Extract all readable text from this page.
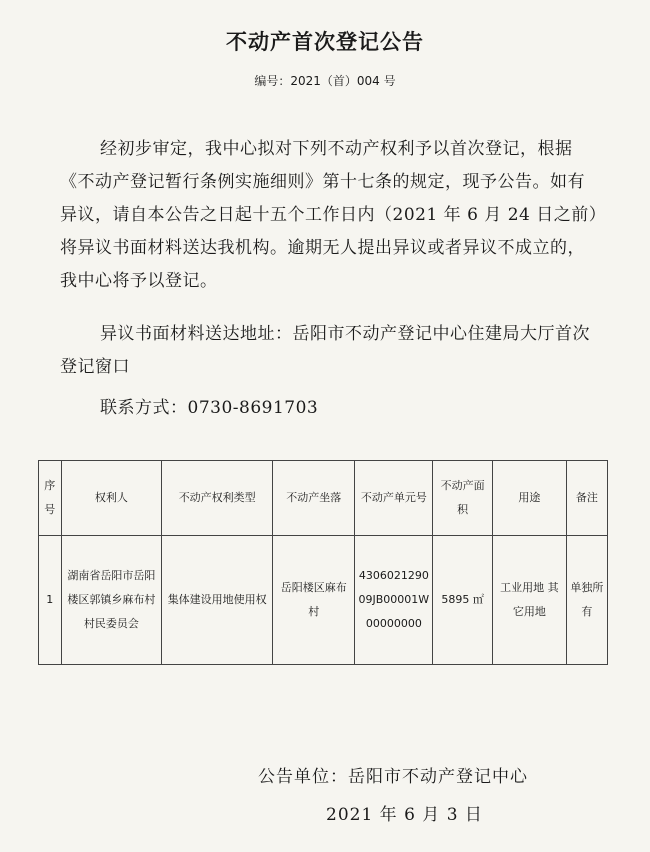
不动产首次登记公告
编号：2021（首）004 号
经初步审定，我中心拟对下列不动产权利予以首次登记，根据《不动产登记暂行条例实施细则》第十七条的规定，现予公告。如有异议，请自本公告之日起十五个工作日内（2021 年 6 月 24 日之前）将异议书面材料送达我机构。逾期无人提出异议或者异议不成立的，我中心将予以登记。
异议书面材料送达地址：岳阳市不动产登记中心住建局大厅首次登记窗口
联系方式：0730-8691703
序号	权利人	不动产权利类型	不动产坐落	不动产单元号	不动产面积	用途	备注
1	湖南省岳阳市岳阳楼区郭镇乡麻布村村民委员会	集体建设用地使用权	岳阳楼区麻布村	430602129009JB00001W00000000	5895 ㎡	工业用地 其它用地	单独所有
公告单位：岳阳市不动产登记中心
2021 年 6 月 3 日
